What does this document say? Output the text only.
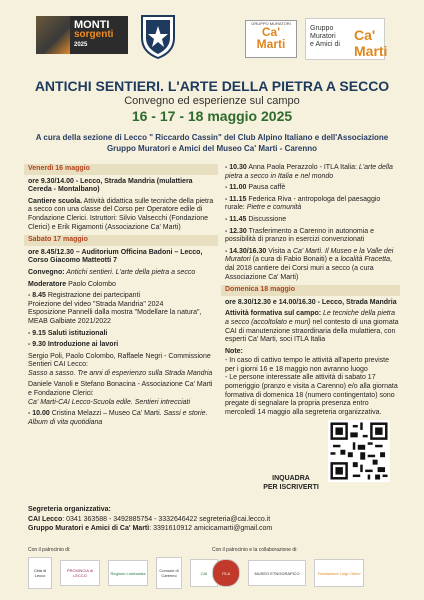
MONTI
sorgenti
2025
GRUPPO MURATORI
Ca'
Marti
Gruppo
Muratori
e Amici di
Ca' Marti
ANTICHI SENTIERI. L'ARTE DELLA PIETRA A SECCO
Convegno ed esperienze sul campo
16 - 17 - 18 maggio 2025
A cura della sezione di Lecco " Riccardo Cassin" del Club Alpino Italiano e dell'Associazione
Gruppo Muratori e Amici del Museo Ca' Marti - Carenno
Venerdì 16 maggio

ore 9.30/14.00 - Lecco, Strada Mandria (mulattiera Cereda - Montalbano)

Cantiere scuola. Attività didattica sulle tecniche della pietra a secco con una classe del Corso per Operatore edile di Fondazione Clerici. Istruttori: Silvio Valsecchi (Fondazione Clerici) e Erik Rigamonti (Associazione Ca' Marti)

Sabato 17 maggio

ore 8.45/12.30 – Auditorium Officina Badoni – Lecco, Corso Giacomo Matteotti 7

Convegno: Antichi sentieri. L'arte della pietra a secco

Moderatore Paolo Colombo

- 8.45 Registrazione dei partecipanti

Proiezione del video "Strada Mandria" 2024

Esposizione Pannelli dalla mostra "Modellare la natura", MEAB Galbiate 2021/2022

- 9.15 Saluti istituzionali

- 9.30 Introduzione ai lavori

Sergio Poli, Paolo Colombo, Raffaele Negri - Commissione Sentieri CAI Lecco:
Sasso a sasso. Tre anni di esperienzo sulla Strada Mandria

Daniele Vanoli e Stefano Bonacina - Associazione Ca' Marti e Fondazione Clerici:
Ca' Marti-CAI Lecco-Scuola edile. Sentieri intrecciati

- 10.00 Cristina Melazzi – Museo Ca' Marti. Sassi e storie. Album di vita quotidiana

- 10.30 Anna Paola Perazzolo - ITLA Italia: L'arte della pietra a secco in Italia e nel mondo

- 11.00 Pausa caffè

- 11.15 Federica Riva - antropologa del paesaggio rurale: Pietre e comunità

- 11.45 Discussione

- 12.30 Trasferimento a Carenno in autonomia e possibilità di pranzo in esercizi convenzionati

- 14.30/16.30 Visita a Ca' Martì. Il Museo e la Valle dei Muratori (a cura di Fabio Bonaiti) e a località Fracetta, dal 2018 cantiere dei Corsi muri a secco (a cura Associazione Ca' Marti)

Domenica 18 maggio

ore 8.30/12.30 e 14.00/16.30 - Lecco, Strada Mandria

Attività formativa sul campo: Le tecniche della pietra a secco (accoltolato e muri) nel contesto di una giornata CAI di manutenzione straordinaria della mulattiera, con esperti Ca' Marti, soci ITLA Italia

Note:

- In caso di cattivo tempo le attività all'aperto previste per i giorni 16 e 18 maggio non avranno luogo

- Le persone interessate alle attività di sabato 17 pomeriggio (pranzo e visita a Carenno) e/o alla giornata formativa di domenica 18 (numero contingentato) sono pregate di segnalare la propria presenza entro mercoledì 14 maggio alla segreteria organizzativa.

INQUADRA
PER ISCRIVERTI
Segreteria organizzativa:
CAI Lecco: 0341 363588 - 3492885754 - 3332646422 segreteria@cai.lecco.it
Gruppo Muratori e Amici di Ca' Martì: 3391610912 amicicamarti@gmail.com
Con il patrocinio di:	Con il patrocinio e la collaborazione di:
Città di Lecco
PROVINCIA di LECCO	Regione Lombardia	Comune di Carenno	CAI	ITLA	MUSEO ETNOGRAFICO	Fondazione Luigi Clerici
